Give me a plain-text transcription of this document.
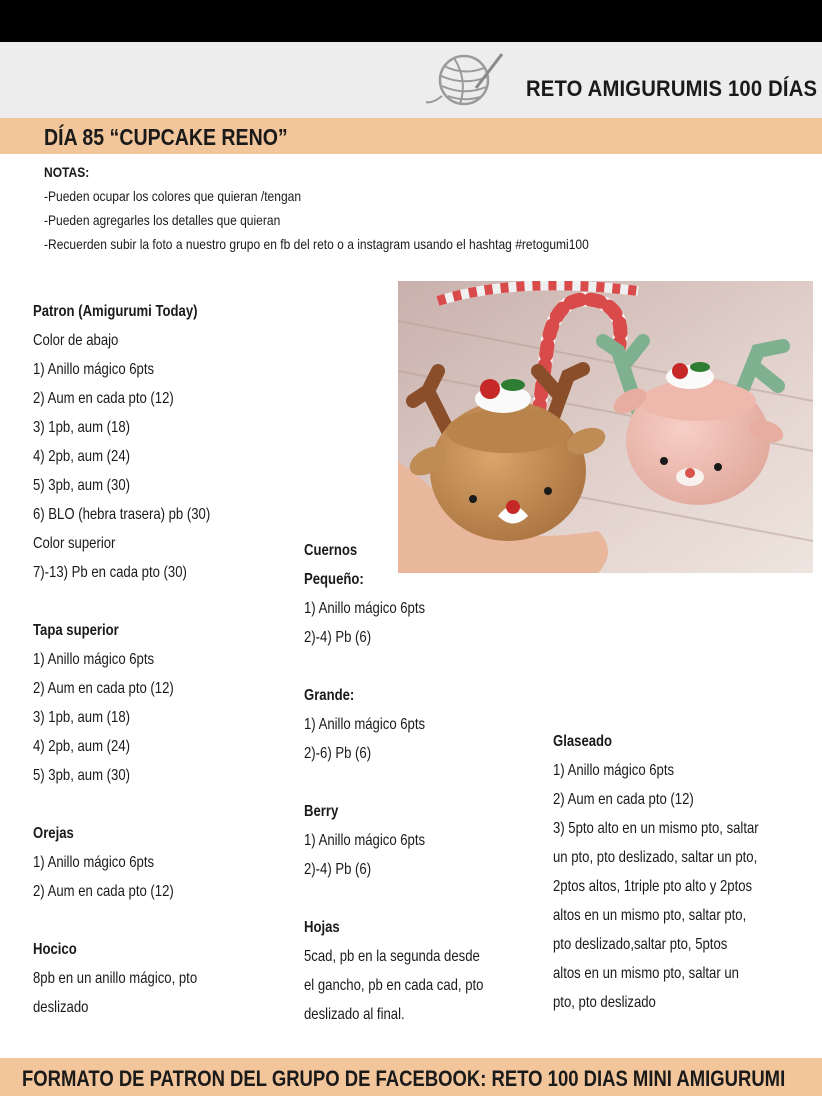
RETO AMIGURUMIS 100 DÍAS
DÍA 85 “CUPCAKE RENO”
NOTAS:
-Pueden ocupar los colores que quieran /tengan
-Pueden agregarles los detalles que quieran
-Recuerden subir la foto a nuestro grupo en fb del reto o a instagram usando el hashtag #retogumi100
Patron (Amigurumi Today)
Color de abajo
1) Anillo mágico 6pts
2) Aum en cada pto (12)
3) 1pb, aum (18)
4) 2pb, aum (24)
5) 3pb, aum (30)
6) BLO (hebra trasera) pb (30)
Color superior
7)-13) Pb en cada pto (30)
Tapa superior
1) Anillo mágico 6pts
2) Aum en cada pto (12)
3) 1pb, aum (18)
4) 2pb, aum (24)
5) 3pb, aum (30)
Orejas
1) Anillo mágico 6pts
2) Aum en cada pto (12)
Hocico
8pb en un anillo mágico, pto
deslizado
Cuernos
Pequeño:
1) Anillo mágico 6pts
2)-4) Pb (6)
Grande:
1) Anillo mágico 6pts
2)-6) Pb (6)
Berry
1) Anillo mágico 6pts
2)-4) Pb (6)
Hojas
5cad, pb en la segunda desde
el gancho, pb en cada cad, pto
deslizado al final.
Glaseado
1) Anillo mágico 6pts
2) Aum en cada pto (12)
3) 5pto alto en un mismo pto, saltar
un pto, pto deslizado, saltar un pto,
2ptos altos, 1triple pto alto y 2ptos
altos en un mismo pto, saltar pto,
pto deslizado,saltar pto, 5ptos
altos en un mismo pto, saltar un
pto, pto deslizado
FORMATO DE PATRON DEL GRUPO DE FACEBOOK: RETO 100 DIAS MINI AMIGURUMI
